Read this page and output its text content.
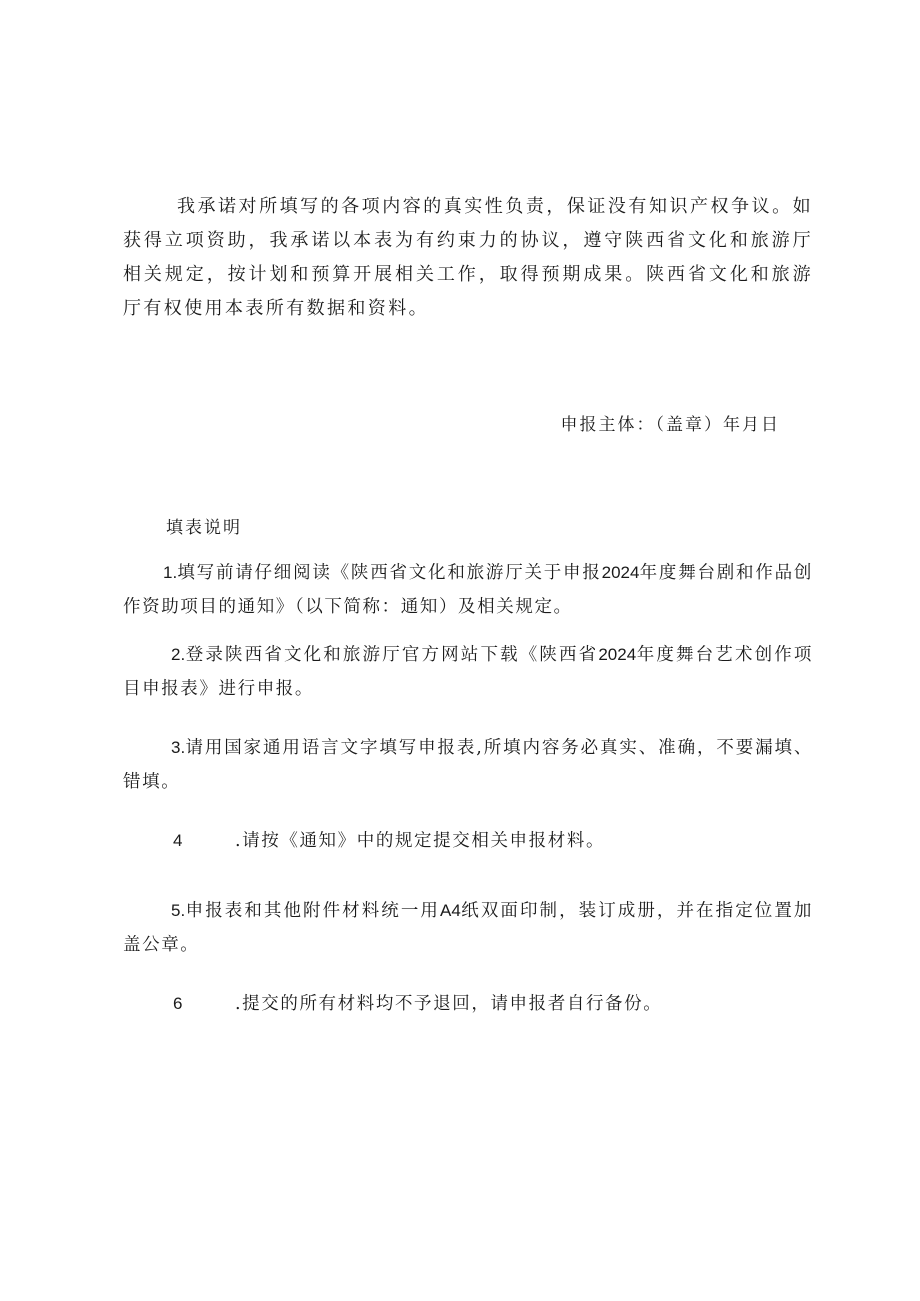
我承诺对所填写的各项内容的真实性负责，保证没有知识产权争议。如获得立项资助，我承诺以本表为有约束力的协议，遵守陕西省文化和旅游厅相关规定，按计划和预算开展相关工作，取得预期成果。陕西省文化和旅游厅有权使用本表所有数据和资料。

申报主体：（盖章）年月日

填表说明

1.填写前请仔细阅读《陕西省文化和旅游厅关于申报2024年度舞台剧和作品创作资助项目的通知》（以下简称：通知）及相关规定。

2.登录陕西省文化和旅游厅官方网站下载《陕西省2024年度舞台艺术创作项目申报表》进行申报。

3.请用国家通用语言文字填写申报表,所填内容务必真实、准确，不要漏填、错填。

4	.请按《通知》中的规定提交相关申报材料。

5.申报表和其他附件材料统一用A4纸双面印制，装订成册，并在指定位置加盖公章。

6	.提交的所有材料均不予退回，请申报者自行备份。
